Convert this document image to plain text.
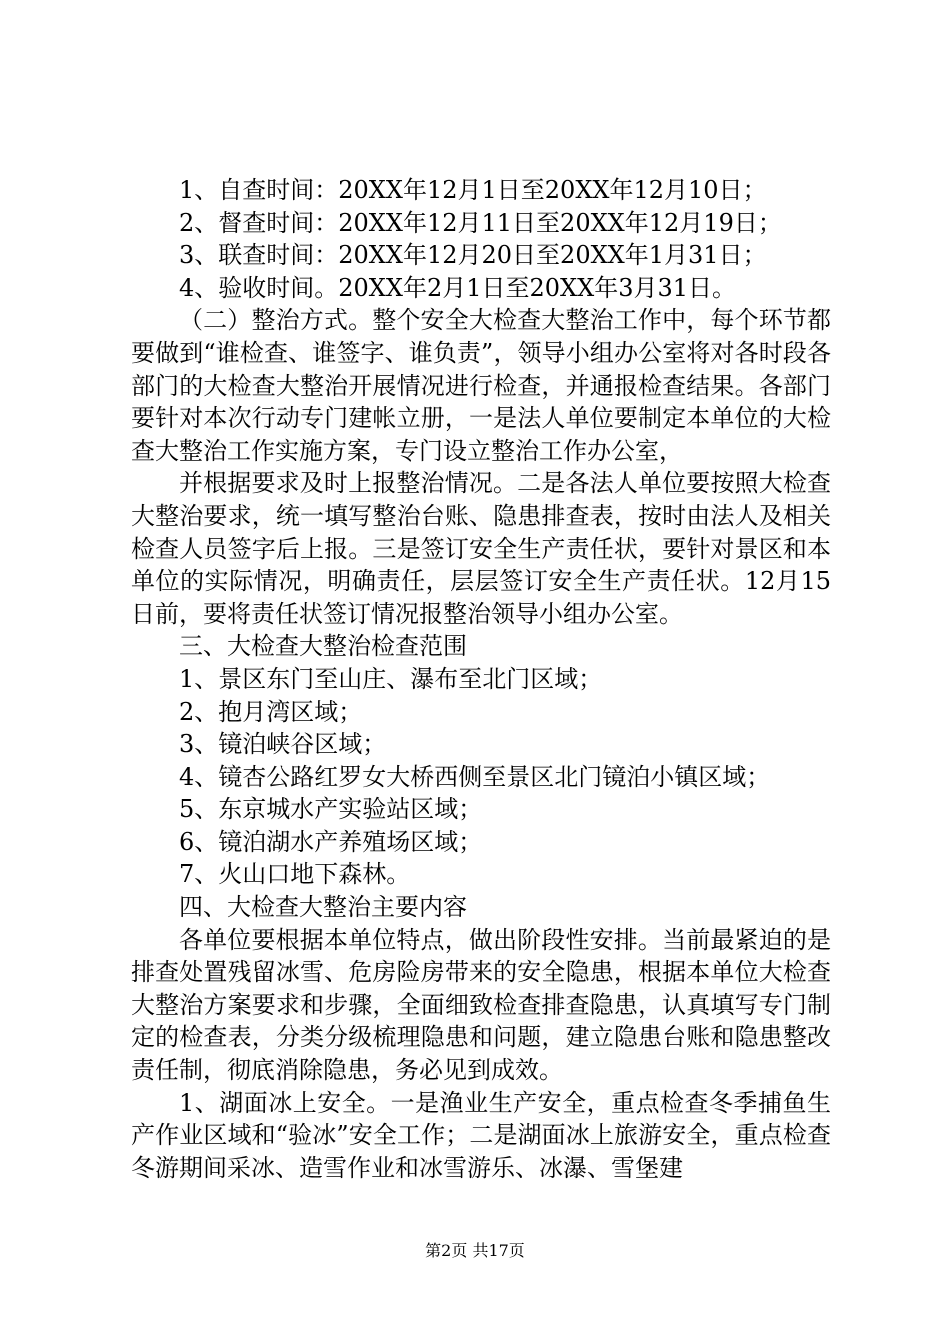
1、自查时间：20XX年12月1日至20XX年12月10日；

2、督查时间：20XX年12月11日至20XX年12月19日；

3、联查时间：20XX年12月20日至20XX年1月31日；

4、验收时间。20XX年2月1日至20XX年3月31日。

（二）整治方式。整个安全大检查大整治工作中，每个环节都要做到“谁检查、谁签字、谁负责”，领导小组办公室将对各时段各部门的大检查大整治开展情况进行检查，并通报检查结果。各部门要针对本次行动专门建帐立册，一是法人单位要制定本单位的大检查大整治工作实施方案，专门设立整治工作办公室，

并根据要求及时上报整治情况。二是各法人单位要按照大检查大整治要求，统一填写整治台账、隐患排查表，按时由法人及相关检查人员签字后上报。三是签订安全生产责任状，要针对景区和本单位的实际情况，明确责任，层层签订安全生产责任状。12月15日前，要将责任状签订情况报整治领导小组办公室。

三、大检查大整治检查范围

1、景区东门至山庄、瀑布至北门区域；

2、抱月湾区域；

3、镜泊峡谷区域；

4、镜杏公路红罗女大桥西侧至景区北门镜泊小镇区域；

5、东京城水产实验站区域；

6、镜泊湖水产养殖场区域；

7、火山口地下森林。

四、大检查大整治主要内容

各单位要根据本单位特点，做出阶段性安排。当前最紧迫的是排查处置残留冰雪、危房险房带来的安全隐患，根据本单位大检查大整治方案要求和步骤，全面细致检查排查隐患，认真填写专门制定的检查表，分类分级梳理隐患和问题，建立隐患台账和隐患整改责任制，彻底消除隐患，务必见到成效。

1、湖面冰上安全。一是渔业生产安全，重点检查冬季捕鱼生产作业区域和“验冰”安全工作；二是湖面冰上旅游安全，重点检查冬游期间采冰、造雪作业和冰雪游乐、冰瀑、雪堡建

第2页 共17页
